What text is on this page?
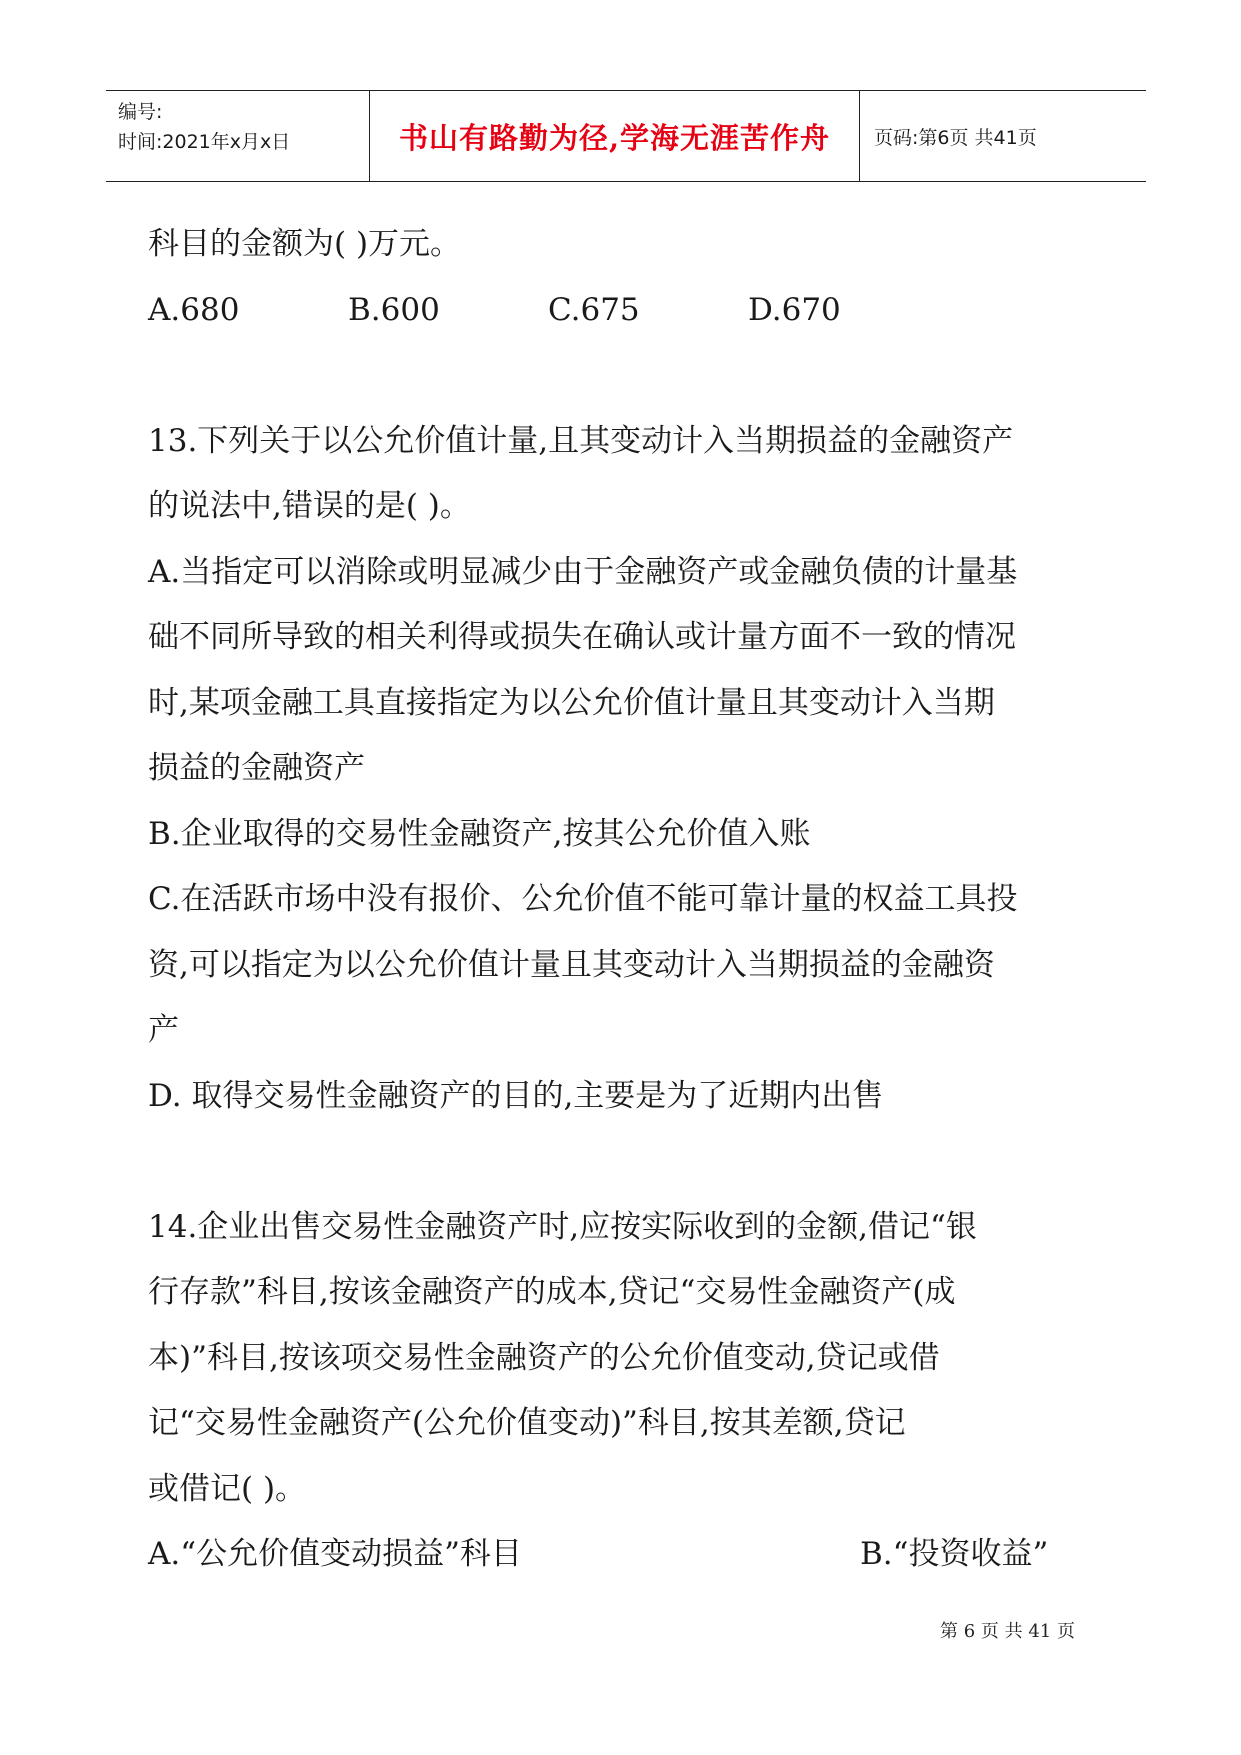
编号:
时间:2021年x月x日	书山有路勤为径,学海无涯苦作舟	页码:第6页 共41页
科目的金额为( )万元。
A.680	B.600	C.675	D.670
13.下列关于以公允价值计量,且其变动计入当期损益的金融资产
的说法中,错误的是( )。
A.当指定可以消除或明显减少由于金融资产或金融负债的计量基
础不同所导致的相关利得或损失在确认或计量方面不一致的情况
时,某项金融工具直接指定为以公允价值计量且其变动计入当期
损益的金融资产
B.企业取得的交易性金融资产,按其公允价值入账
C.在活跃市场中没有报价、公允价值不能可靠计量的权益工具投
资,可以指定为以公允价值计量且其变动计入当期损益的金融资
产
D. 取得交易性金融资产的目的,主要是为了近期内出售
14.企业出售交易性金融资产时,应按实际收到的金额,借记“银
行存款”科目,按该金融资产的成本,贷记“交易性金融资产(成
本)”科目,按该项交易性金融资产的公允价值变动,贷记或借
记“交易性金融资产(公允价值变动)”科目,按其差额,贷记
或借记( )。
A.“公允价值变动损益”科目	B.“投资收益”
第 6 页 共 41 页
